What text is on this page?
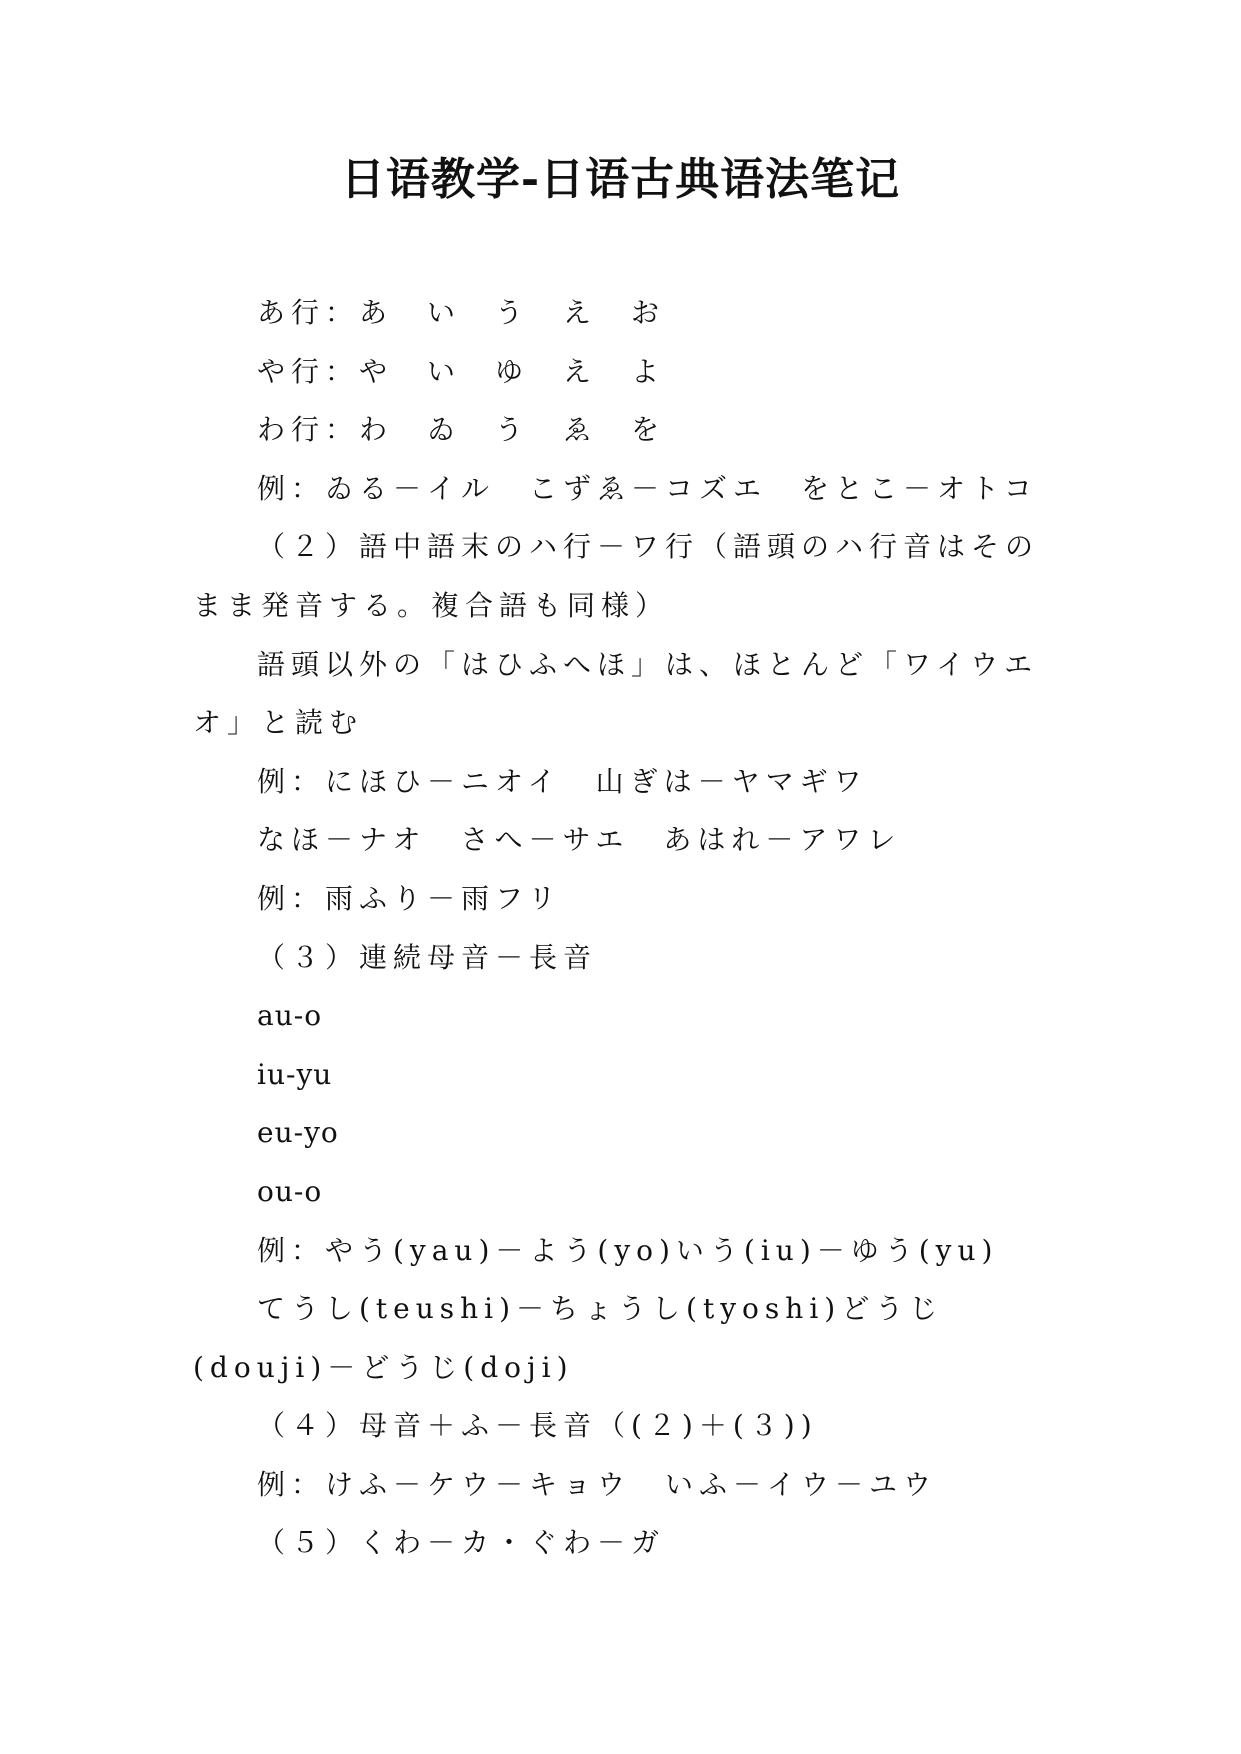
日语教学-日语古典语法笔记

あ行：あ　い　う　え　お

や行：や　い　ゆ　え　よ

わ行：わ　ゐ　う　ゑ　を

例：ゐる－イル　こずゑ－コズエ　をとこ－オトコ

（２）語中語末のハ行－ワ行（語頭のハ行音はそのまま発音する。複合語も同様）

語頭以外の「はひふへほ」は、ほとんど「ワイウエオ」と読む

例：にほひ－ニオイ　山ぎは－ヤマギワ

なほ－ナオ　さへ－サエ　あはれ－アワレ

例：雨ふり－雨フリ

（３）連続母音－長音

au-o

iu-yu

eu-yo

ou-o

例：やう(yau)－よう(yo)いう(iu)－ゆう(yu)

てうし(teushi)－ちょうし(tyoshi)どうじ(douji)－どうじ(doji)

（４）母音＋ふ－長音（(２)＋(３))

例：けふ－ケウ－キョウ　いふ－イウ－ユウ

（５）くわ－カ・ぐわ－ガ
